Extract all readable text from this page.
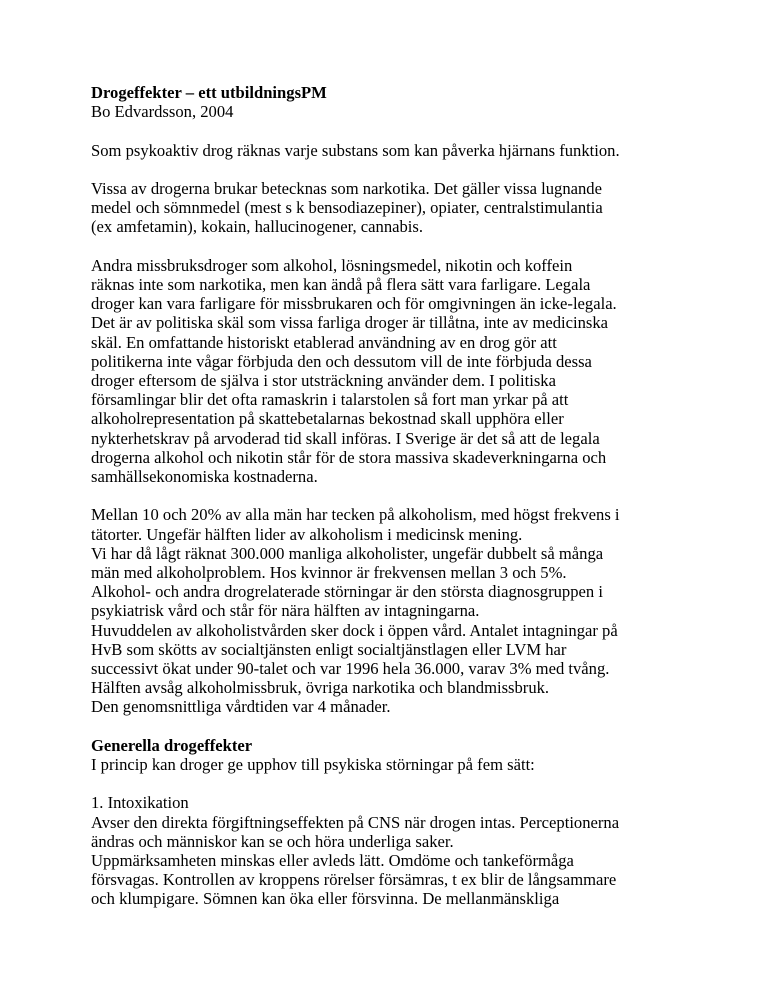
Drogeffekter – ett utbildningsPM
Bo Edvardsson, 2004

Som psykoaktiv drog räknas varje substans som kan påverka hjärnans funktion.

Vissa av drogerna brukar betecknas som narkotika. Det gäller vissa lugnande
medel och sömnmedel (mest s k bensodiazepiner), opiater, centralstimulantia
(ex amfetamin), kokain, hallucinogener, cannabis.

Andra missbruksdroger som alkohol, lösningsmedel, nikotin och koffein
räknas inte som narkotika, men kan ändå på flera sätt vara farligare. Legala
droger kan vara farligare för missbrukaren och för omgivningen än icke-legala.
Det är av politiska skäl som vissa farliga droger är tillåtna, inte av medicinska
skäl. En omfattande historiskt etablerad användning av en drog gör att
politikerna inte vågar förbjuda den och dessutom vill de inte förbjuda dessa
droger eftersom de själva i stor utsträckning använder dem. I politiska
församlingar blir det ofta ramaskrin i talarstolen så fort man yrkar på att
alkoholrepresentation på skattebetalarnas bekostnad skall upphöra eller
nykterhetskrav på arvoderad tid skall införas. I Sverige är det så att de legala
drogerna alkohol och nikotin står för de stora massiva skadeverkningarna och
samhällsekonomiska kostnaderna.

Mellan 10 och 20% av alla män har tecken på alkoholism, med högst frekvens i
tätorter. Ungefär hälften lider av alkoholism i medicinsk mening.
Vi har då lågt räknat 300.000 manliga alkoholister, ungefär dubbelt så många
män med alkoholproblem. Hos kvinnor är frekvensen mellan 3 och 5%.
Alkohol- och andra drogrelaterade störningar är den största diagnosgruppen i
psykiatrisk vård och står för nära hälften av intagningarna.
Huvuddelen av alkoholistvården sker dock i öppen vård. Antalet intagningar på
HvB som skötts av socialtjänsten enligt socialtjänstlagen eller LVM har
successivt ökat under 90-talet och var 1996 hela 36.000, varav 3% med tvång.
Hälften avsåg alkoholmissbruk, övriga narkotika och blandmissbruk.
Den genomsnittliga vårdtiden var 4 månader.

Generella drogeffekter
I princip kan droger ge upphov till psykiska störningar på fem sätt:
1. Intoxikation

Avser den direkta förgiftningseffekten på CNS när drogen intas. Perceptionerna
ändras och människor kan se och höra underliga saker.
Uppmärksamheten minskas eller avleds lätt. Omdöme och tankeförmåga
försvagas. Kontrollen av kroppens rörelser försämras, t ex blir de långsammare
och klumpigare. Sömnen kan öka eller försvinna. De mellanmänskliga
